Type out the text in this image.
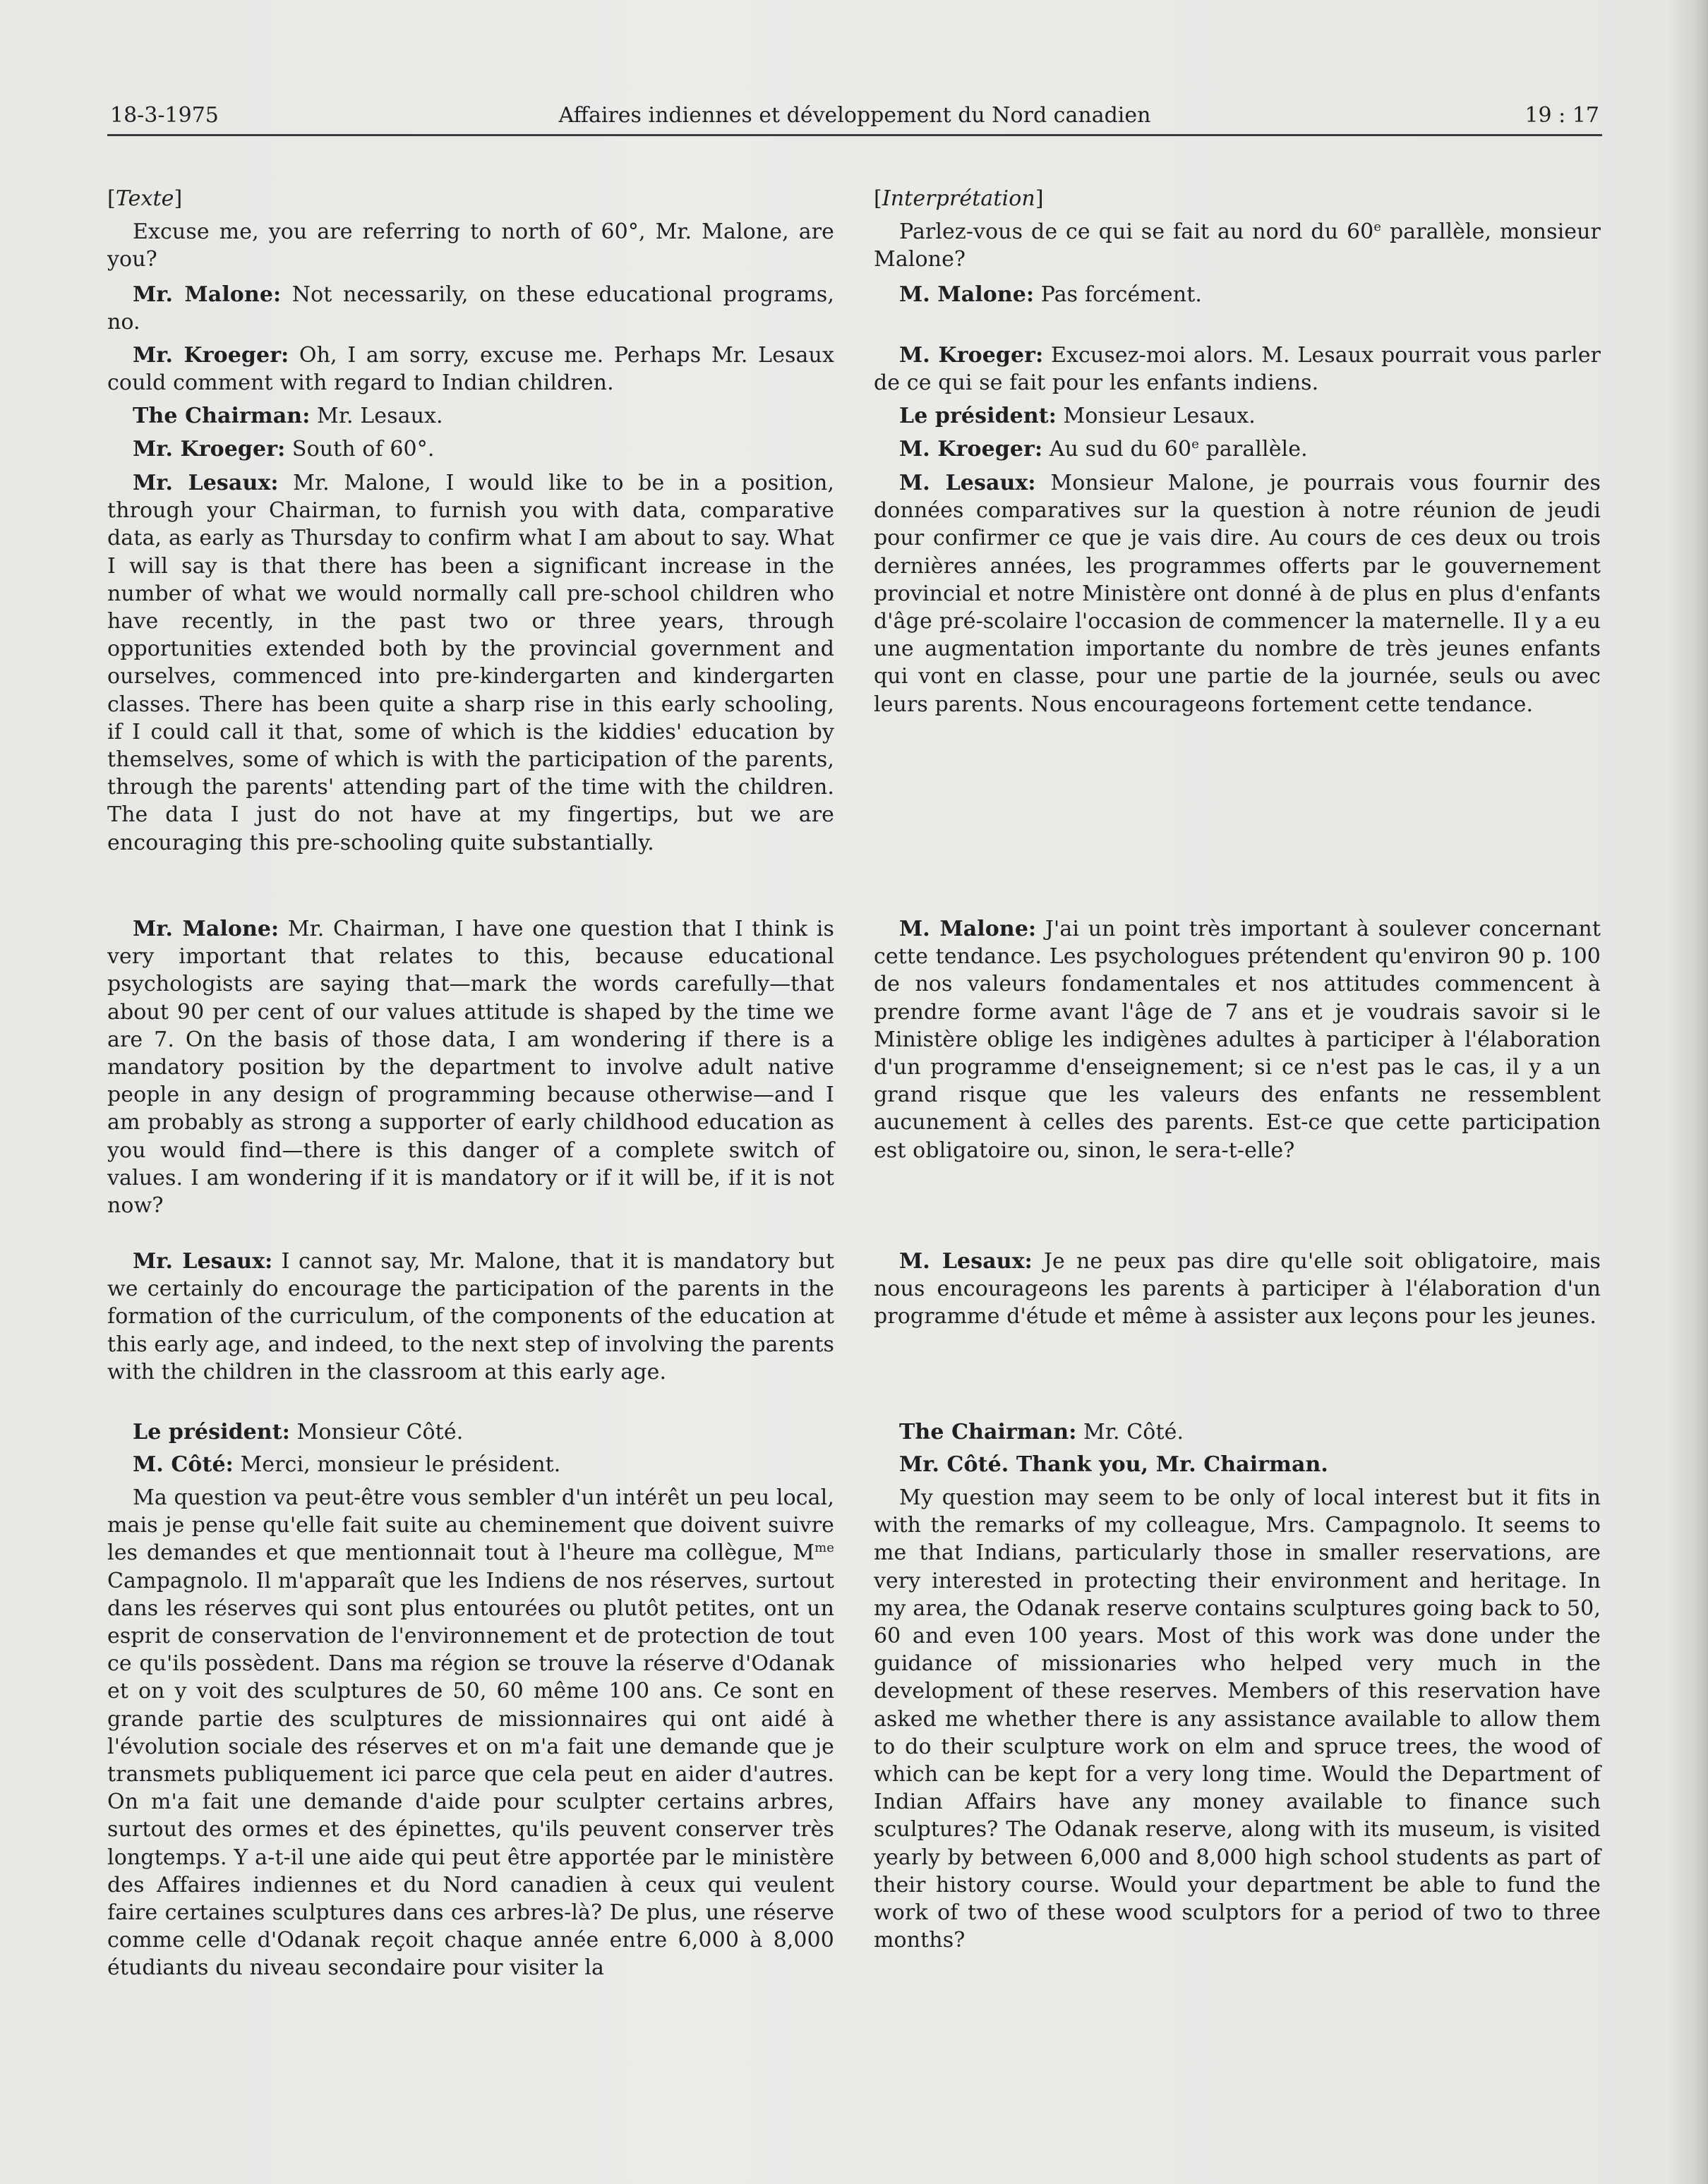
18-3-1975	Affaires indiennes et développement du Nord canadien	19 : 17

[Texte]

Excuse me, you are referring to north of 60°, Mr. Malone, are you?

Mr. Malone: Not necessarily, on these educational programs, no.

Mr. Kroeger: Oh, I am sorry, excuse me. Perhaps Mr. Lesaux could comment with regard to Indian children.

The Chairman: Mr. Lesaux.

Mr. Kroeger: South of 60°.

Mr. Lesaux: Mr. Malone, I would like to be in a position, through your Chairman, to furnish you with data, comparative data, as early as Thursday to confirm what I am about to say. What I will say is that there has been a significant increase in the number of what we would normally call pre-school children who have recently, in the past two or three years, through opportunities extended both by the provincial government and ourselves, commenced into pre-kindergarten and kindergarten classes. There has been quite a sharp rise in this early schooling, if I could call it that, some of which is the kiddies' education by themselves, some of which is with the participation of the parents, through the parents' attending part of the time with the children. The data I just do not have at my fingertips, but we are encouraging this pre-schooling quite substantially.

Mr. Malone: Mr. Chairman, I have one question that I think is very important that relates to this, because educational psychologists are saying that—mark the words carefully—that about 90 per cent of our values attitude is shaped by the time we are 7. On the basis of those data, I am wondering if there is a mandatory position by the department to involve adult native people in any design of programming because otherwise—and I am probably as strong a supporter of early childhood education as you would find—there is this danger of a complete switch of values. I am wondering if it is mandatory or if it will be, if it is not now?

Mr. Lesaux: I cannot say, Mr. Malone, that it is mandatory but we certainly do encourage the participation of the parents in the formation of the curriculum, of the components of the education at this early age, and indeed, to the next step of involving the parents with the children in the classroom at this early age.

Le président: Monsieur Côté.

M. Côté: Merci, monsieur le président.

Ma question va peut-être vous sembler d'un intérêt un peu local, mais je pense qu'elle fait suite au cheminement que doivent suivre les demandes et que mentionnait tout à l'heure ma collègue, $M^{me}$ Campagnolo. Il m'apparaît que les Indiens de nos réserves, surtout dans les réserves qui sont plus entourées ou plutôt petites, ont un esprit de conservation de l'environnement et de protection de tout ce qu'ils possèdent. Dans ma région se trouve la réserve d'Odanak et on y voit des sculptures de 50, 60 même 100 ans. Ce sont en grande partie des sculptures de missionnaires qui ont aidé à l'évolution sociale des réserves et on m'a fait une demande que je transmets publiquement ici parce que cela peut en aider d'autres. On m'a fait une demande d'aide pour sculpter certains arbres, surtout des ormes et des épinettes, qu'ils peuvent conserver très longtemps. Y a-t-il une aide qui peut être apportée par le ministère des Affaires indiennes et du Nord canadien à ceux qui veulent faire certaines sculptures dans ces arbres-là? De plus, une réserve comme celle d'Odanak reçoit chaque année entre 6,000 à 8,000 étudiants du niveau secondaire pour visiter la

[Interprétation]

Parlez-vous de ce qui se fait au nord du 60e parallèle, monsieur Malone?

M. Malone: Pas forcément.

M. Kroeger: Excusez-moi alors. M. Lesaux pourrait vous parler de ce qui se fait pour les enfants indiens.

Le président: Monsieur Lesaux.

M. Kroeger: Au sud du 60e parallèle.

M. Lesaux: Monsieur Malone, je pourrais vous fournir des données comparatives sur la question à notre réunion de jeudi pour confirmer ce que je vais dire. Au cours de ces deux ou trois dernières années, les programmes offerts par le gouvernement provincial et notre Ministère ont donné à de plus en plus d'enfants d'âge pré-scolaire l'occasion de commencer la maternelle. Il y a eu une augmentation importante du nombre de très jeunes enfants qui vont en classe, pour une partie de la journée, seuls ou avec leurs parents. Nous encourageons fortement cette tendance.

M. Malone: J'ai un point très important à soulever concernant cette tendance. Les psychologues prétendent qu'environ 90 p. 100 de nos valeurs fondamentales et nos attitudes commencent à prendre forme avant l'âge de 7 ans et je voudrais savoir si le Ministère oblige les indigènes adultes à participer à l'élaboration d'un programme d'enseignement; si ce n'est pas le cas, il y a un grand risque que les valeurs des enfants ne ressemblent aucunement à celles des parents. Est-ce que cette participation est obligatoire ou, sinon, le sera-t-elle?

M. Lesaux: Je ne peux pas dire qu'elle soit obligatoire, mais nous encourageons les parents à participer à l'élaboration d'un programme d'étude et même à assister aux leçons pour les jeunes.

The Chairman: Mr. Côté.

Mr. Côté. Thank you, Mr. Chairman.

My question may seem to be only of local interest but it fits in with the remarks of my colleague, Mrs. Campagnolo. It seems to me that Indians, particularly those in smaller reservations, are very interested in protecting their environment and heritage. In my area, the Odanak reserve contains sculptures going back to 50, 60 and even 100 years. Most of this work was done under the guidance of missionaries who helped very much in the development of these reserves. Members of this reservation have asked me whether there is any assistance available to allow them to do their sculpture work on elm and spruce trees, the wood of which can be kept for a very long time. Would the Department of Indian Affairs have any money available to finance such sculptures? The Odanak reserve, along with its museum, is visited yearly by between 6,000 and 8,000 high school students as part of their history course. Would your department be able to fund the work of two of these wood sculptors for a period of two to three months?
